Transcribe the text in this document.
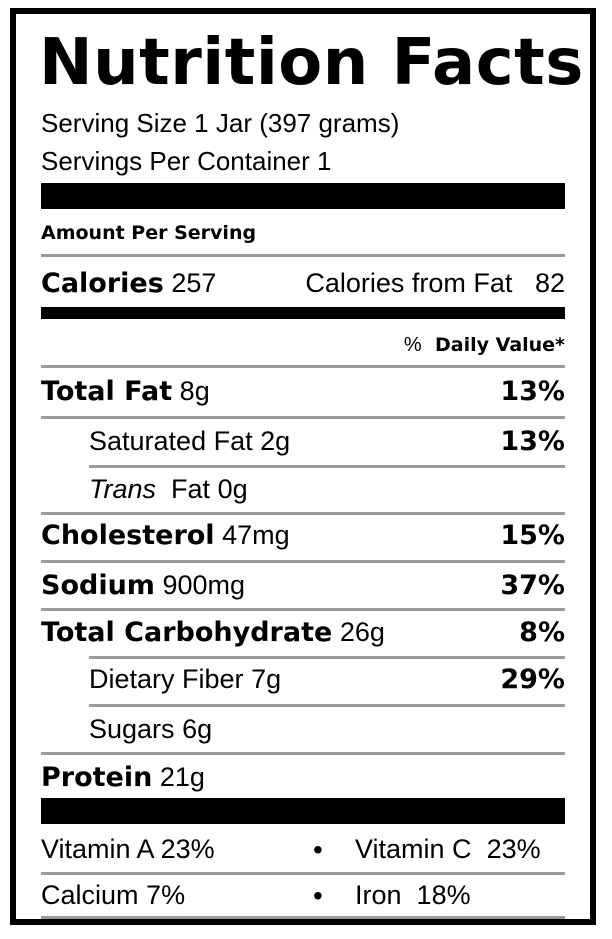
Nutrition Facts
Serving Size 1 Jar (397 grams)
Servings Per Container 1
Amount Per Serving
Calories 257	Calories from Fat 82
% Daily Value*
Total Fat 8g	13%
Saturated Fat 2g	13%
Trans Fat 0g
Cholesterol 47mg	15%
Sodium 900mg	37%
Total Carbohydrate 26g	8%
Dietary Fiber 7g	29%
Sugars 6g
Protein 21g
Vitamin A 23%	• Vitamin C 23%
Calcium 7%	• Iron 18%
